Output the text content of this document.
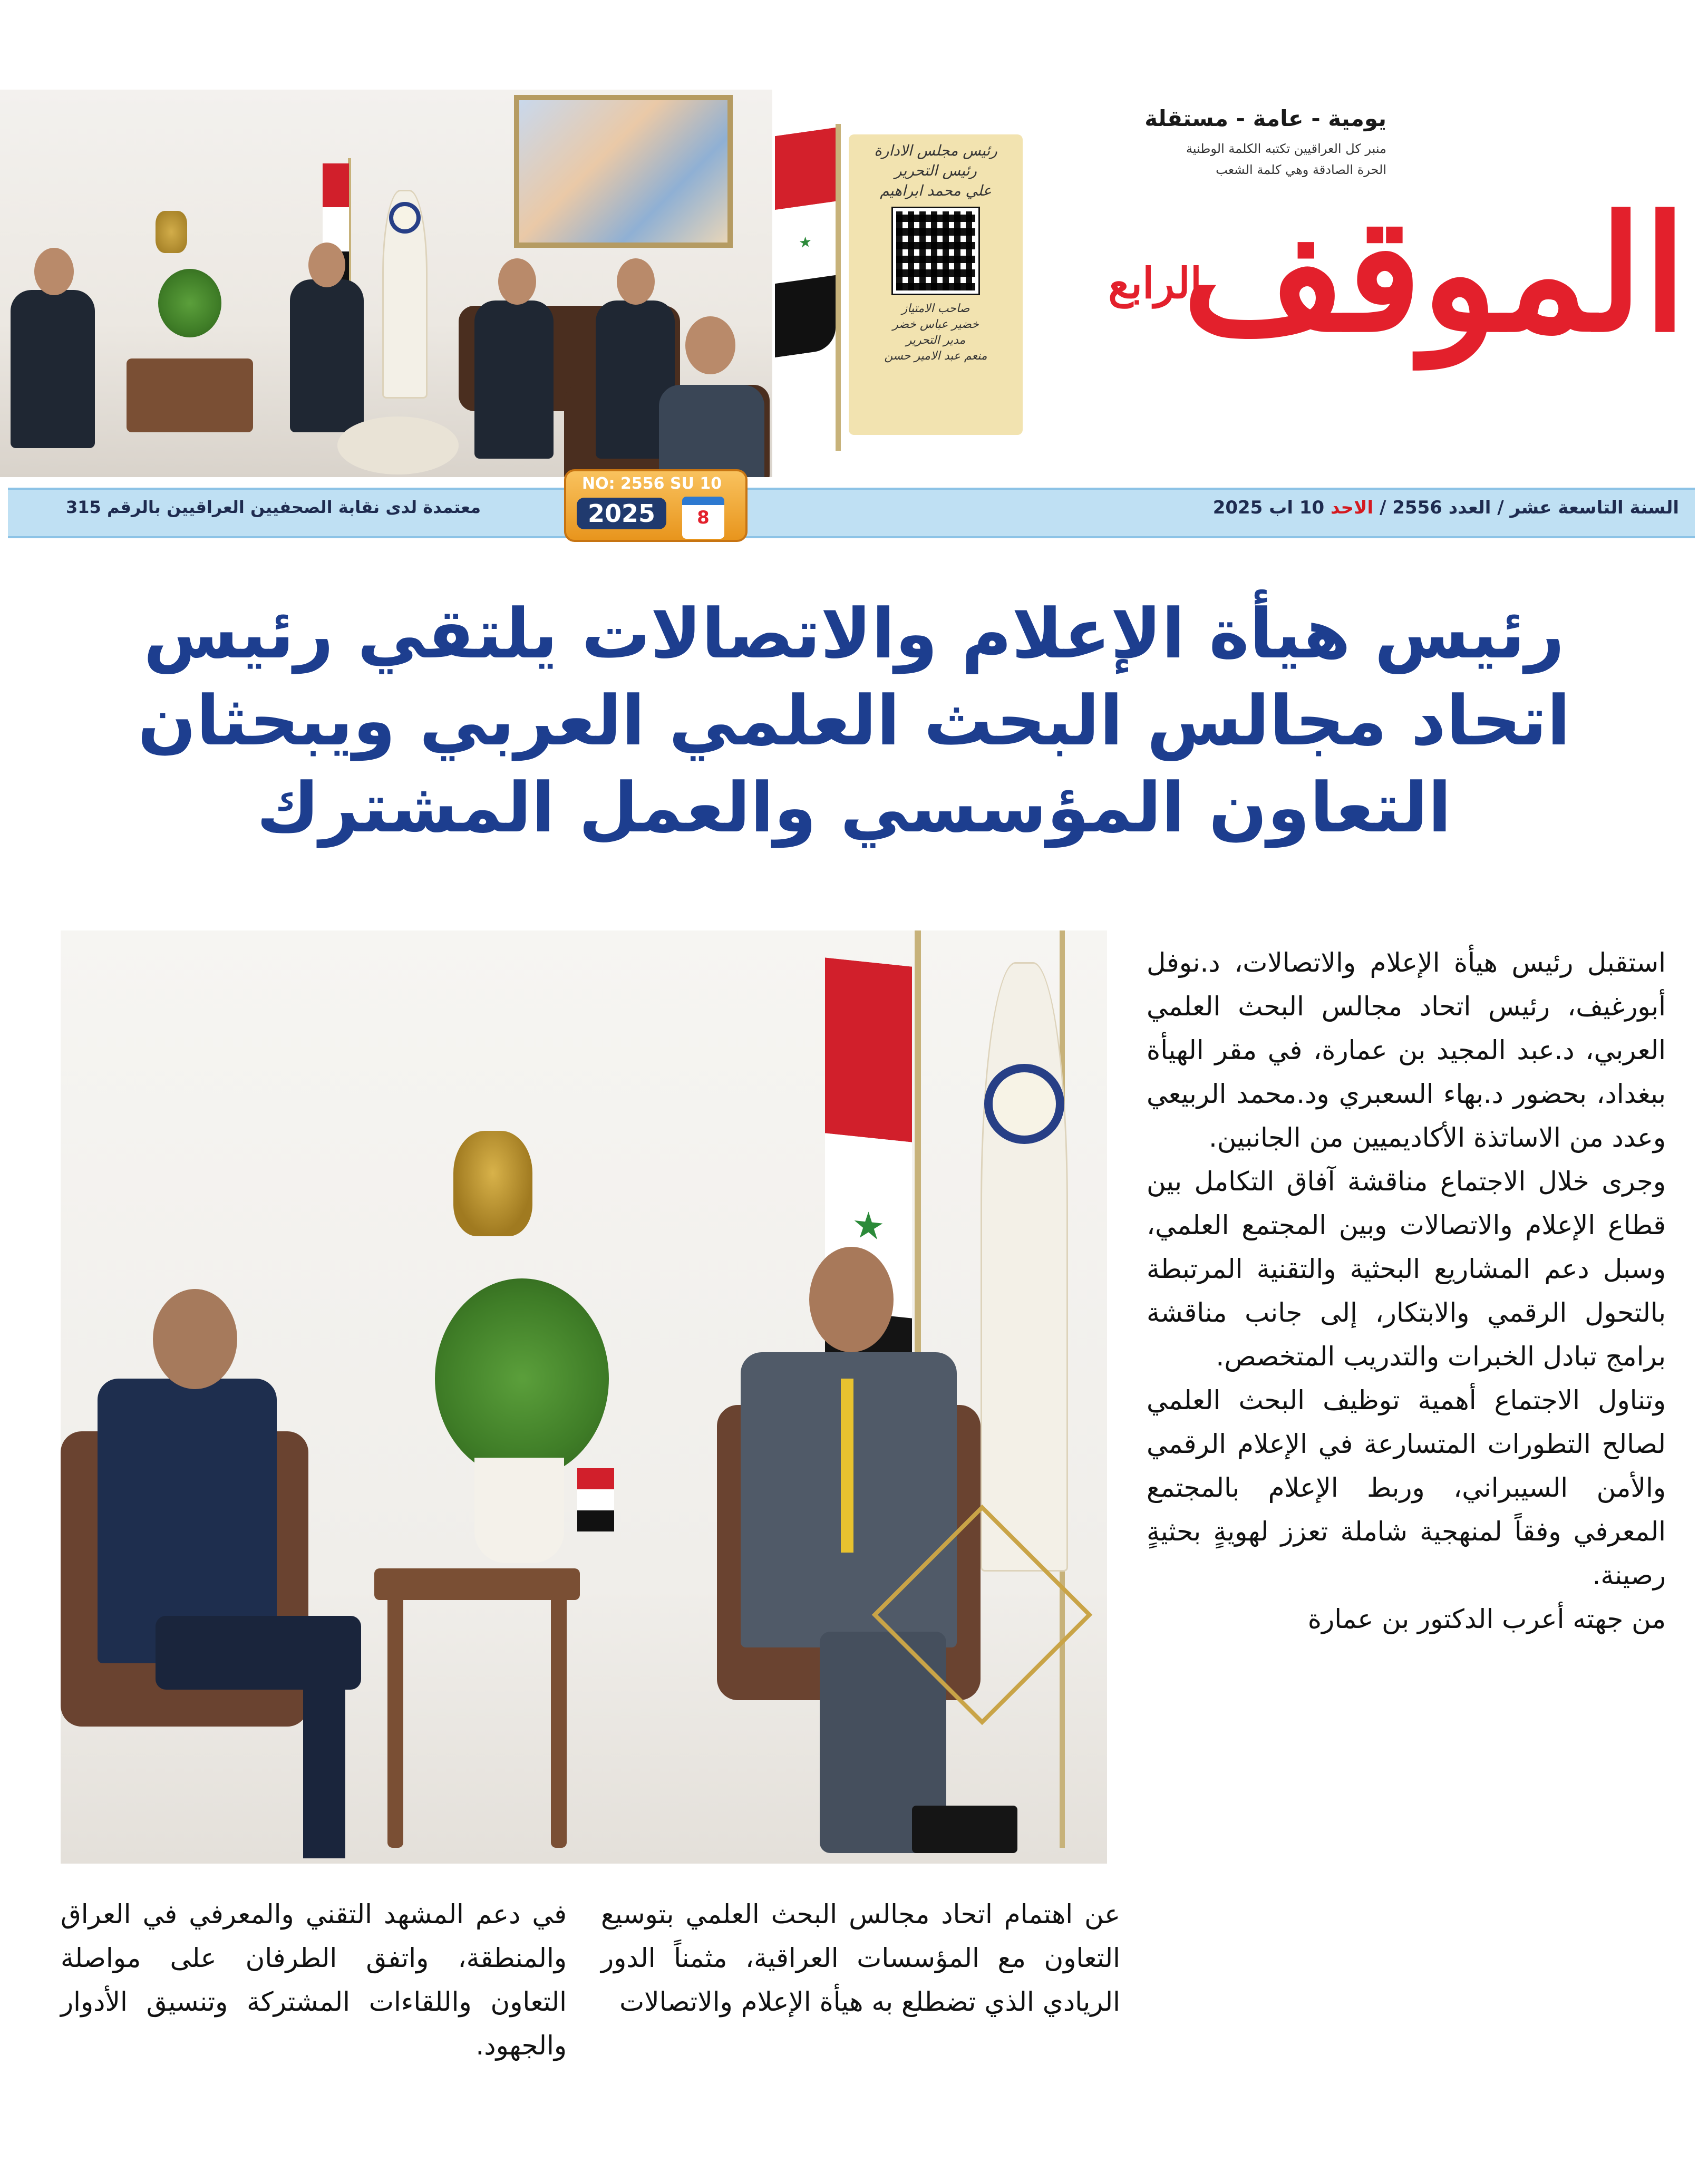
★
رئيس مجلس الادارة
رئيس التحرير
علي محمد ابراهيم
صاحب الامتياز
خضير عباس خضر
مدير التحرير
منعم عبد الامير حسن
يومية - عامة - مستقلة
منبر كل العراقيين تكتبه الكلمة الوطنية
الحرة الصادقة وهي كلمة الشعب
الموقف
الرابع
السنة التاسعة عشر / العدد 2556 / الاحد 10 اب 2025
معتمدة لدى نقابة الصحفيين العراقيين بالرقم 315
NO: 2556 SU 10
2025	8
رئيس هيأة الإعلام والاتصالات يلتقي رئيس
اتحاد مجالس البحث العلمي العربي ويبحثان
التعاون المؤسسي والعمل المشترك
★
استقبل رئيس هيأة الإعلام والاتصالات، د.نوفل أبورغيف، رئيس اتحاد مجالس البحث العلمي العربي، د.عبد المجيد بن عمارة، في مقر الهيأة ببغداد، بحضور د.بهاء السعبري ود.محمد الربيعي وعدد من الاساتذة الأكاديميين من الجانبين.
وجرى خلال الاجتماع مناقشة آفاق التكامل بين قطاع الإعلام والاتصالات وبين المجتمع العلمي، وسبل دعم المشاريع البحثية والتقنية المرتبطة بالتحول الرقمي والابتكار، إلى جانب مناقشة برامج تبادل الخبرات والتدريب المتخصص.
وتناول الاجتماع أهمية توظيف البحث العلمي لصالح التطورات المتسارعة في الإعلام الرقمي والأمن السيبراني، وربط الإعلام بالمجتمع المعرفي وفقاً لمنهجية شاملة تعزز لهويةٍ بحثيةٍ رصينة.
من جهته أعرب الدكتور بن عمارة
عن اهتمام اتحاد مجالس البحث العلمي بتوسيع التعاون مع المؤسسات العراقية، مثمناً الدور الريادي الذي تضطلع به هيأة الإعلام والاتصالات
في دعم المشهد التقني والمعرفي في العراق والمنطقة، واتفق الطرفان على مواصلة التعاون واللقاءات المشتركة وتنسيق الأدوار والجهود.
